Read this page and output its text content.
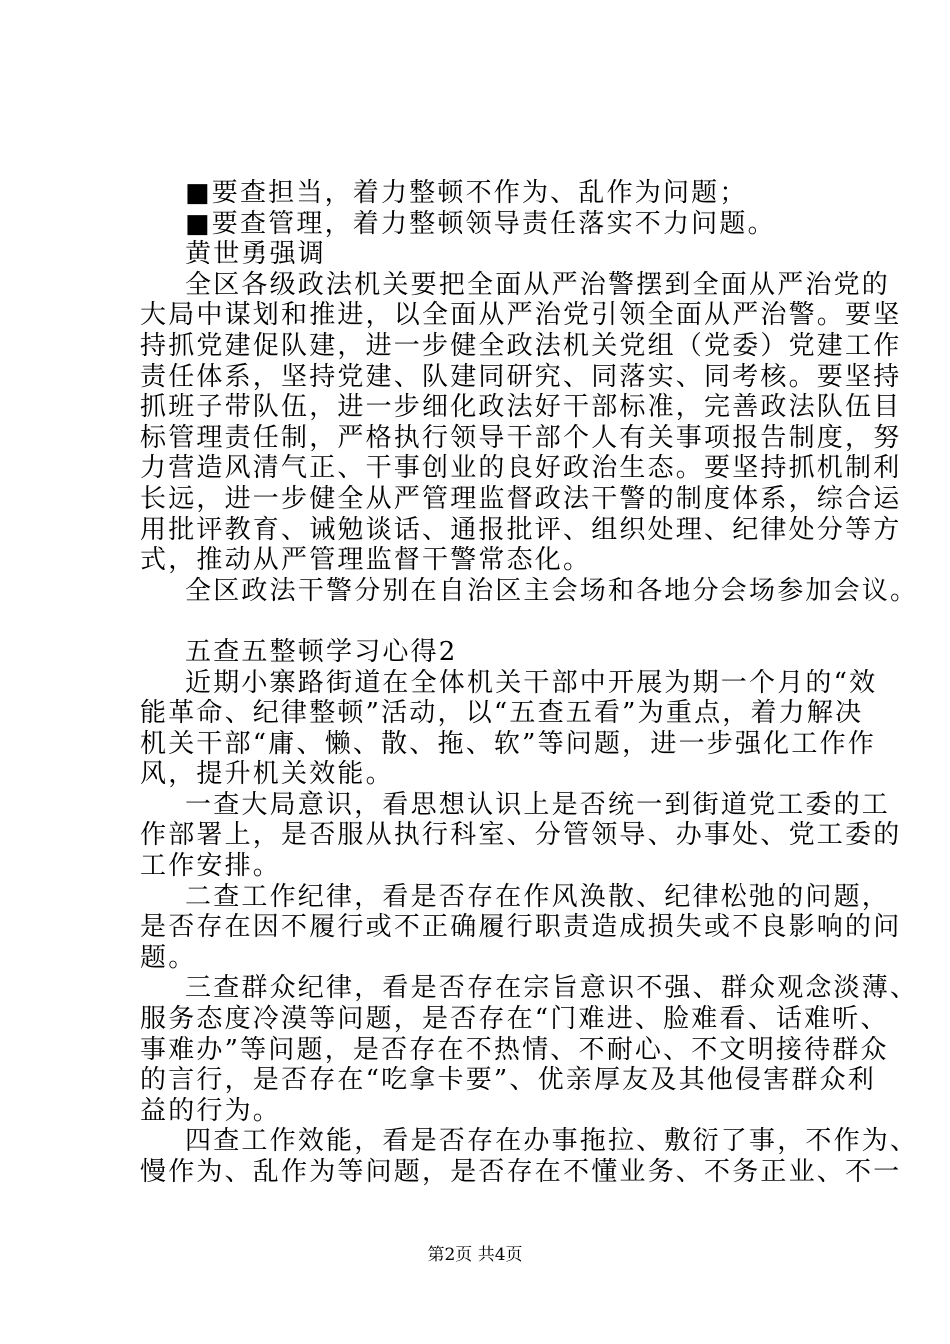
■要查担当，着力整顿不作为、乱作为问题；
■要查管理，着力整顿领导责任落实不力问题。
黄世勇强调
全区各级政法机关要把全面从严治警摆到全面从严治党的
大局中谋划和推进，以全面从严治党引领全面从严治警。要坚
持抓党建促队建，进一步健全政法机关党组（党委）党建工作
责任体系，坚持党建、队建同研究、同落实、同考核。要坚持
抓班子带队伍，进一步细化政法好干部标准，完善政法队伍目
标管理责任制，严格执行领导干部个人有关事项报告制度，努
力营造风清气正、干事创业的良好政治生态。要坚持抓机制利
长远，进一步健全从严管理监督政法干警的制度体系，综合运
用批评教育、诫勉谈话、通报批评、组织处理、纪律处分等方
式，推动从严管理监督干警常态化。
全区政法干警分别在自治区主会场和各地分会场参加会议。
五查五整顿学习心得2
近期小寨路街道在全体机关干部中开展为期一个月的“效
能革命、纪律整顿”活动，以“五查五看”为重点，着力解决
机关干部“庸、懒、散、拖、软”等问题，进一步强化工作作
风，提升机关效能。
一查大局意识，看思想认识上是否统一到街道党工委的工
作部署上，是否服从执行科室、分管领导、办事处、党工委的
工作安排。
二查工作纪律，看是否存在作风涣散、纪律松弛的问题，
是否存在因不履行或不正确履行职责造成损失或不良影响的问
题。
三查群众纪律，看是否存在宗旨意识不强、群众观念淡薄、
服务态度冷漠等问题，是否存在“门难进、脸难看、话难听、
事难办”等问题，是否存在不热情、不耐心、不文明接待群众
的言行，是否存在“吃拿卡要”、优亲厚友及其他侵害群众利
益的行为。
四查工作效能，看是否存在办事拖拉、敷衍了事，不作为、
慢作为、乱作为等问题，是否存在不懂业务、不务正业、不一
第2页 共4页
